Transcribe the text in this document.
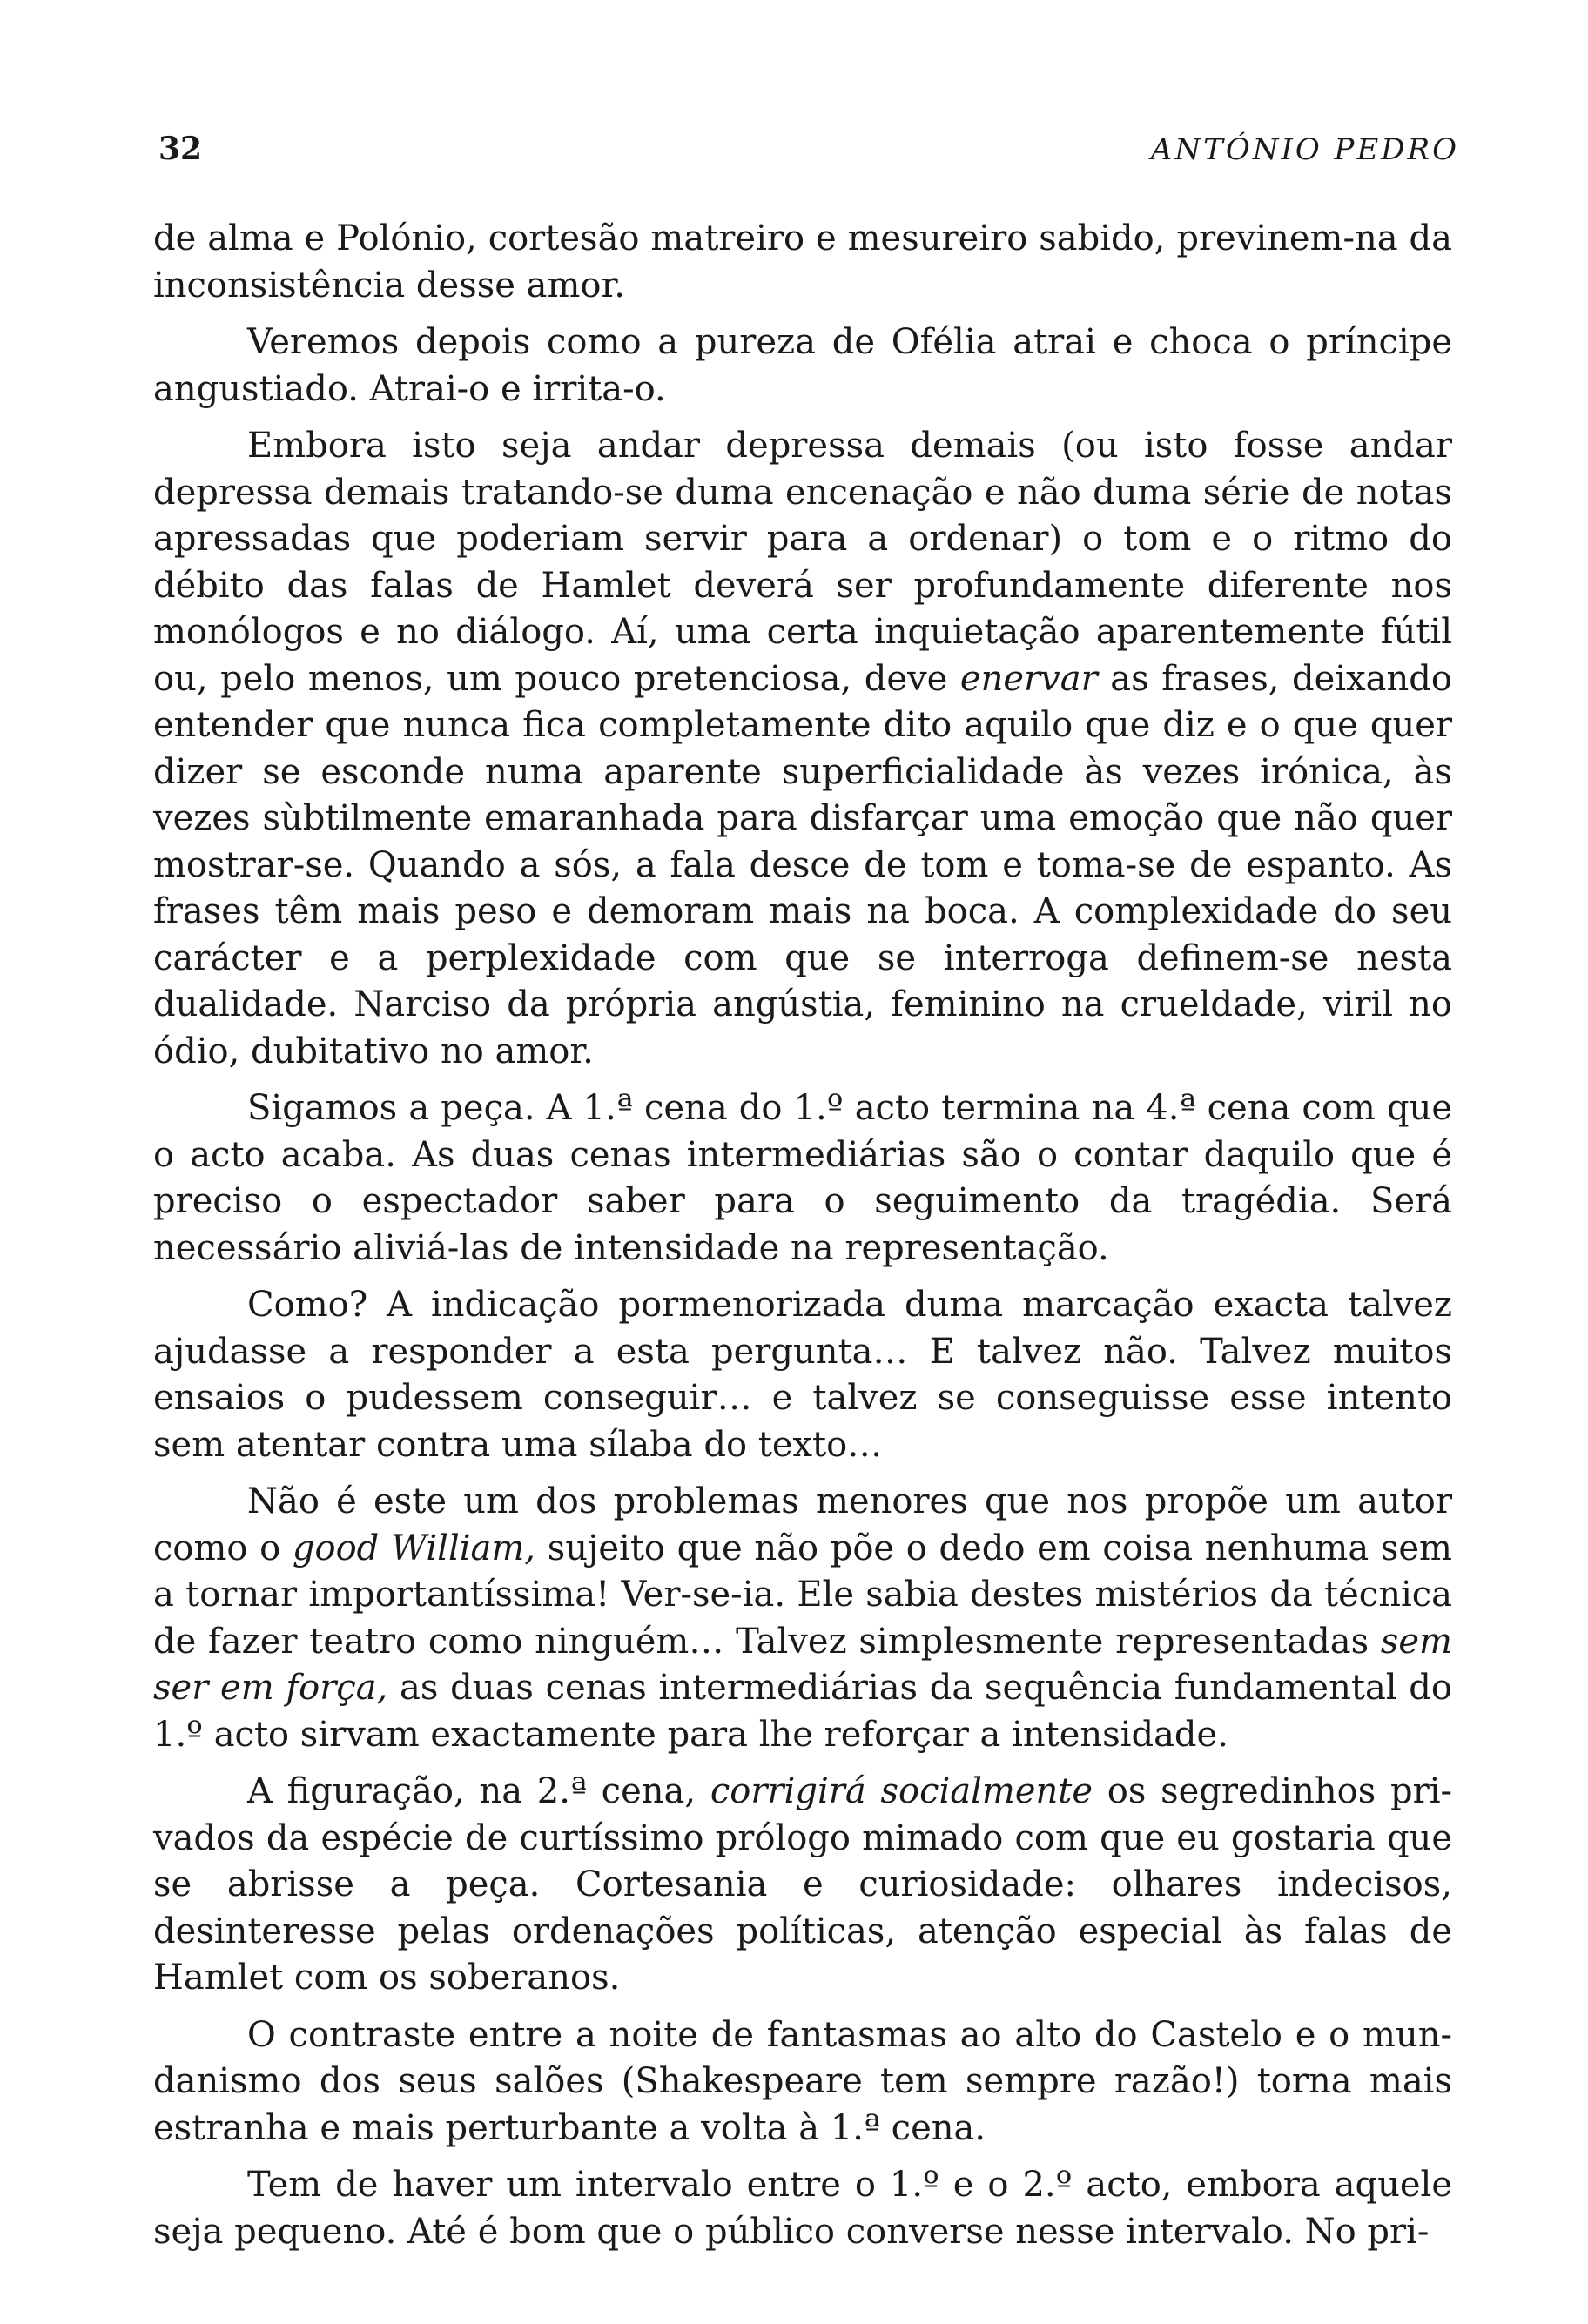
32	ANTÓNIO PEDRO

de alma e Polónio, cortesão matreiro e mesureiro sabido, previnem-na da inconsistência desse amor.

Veremos depois como a pureza de Ofélia atrai e choca o príncipe angustiado. Atrai-o e irrita-o.

Embora isto seja andar depressa demais (ou isto fosse andar depressa demais tratando-se duma encenação e não duma série de notas apressadas que poderiam servir para a ordenar) o tom e o ritmo do débito das falas de Hamlet deverá ser profundamente diferente nos monólogos e no diálogo. Aí, uma certa inquietação aparentemente fútil ou, pelo menos, um pouco pretenciosa, deve enervar as frases, deixando entender que nunca fica completamente dito aquilo que diz e o que quer dizer se esconde numa aparente superficialidade às vezes irónica, às vezes sùbtilmente emaranhada para disfarçar uma emoção que não quer mostrar-se. Quando a sós, a fala desce de tom e toma-se de espanto. As frases têm mais peso e demoram mais na boca. A complexidade do seu carácter e a perplexidade com que se interroga definem-se nesta dualidade. Narciso da própria angústia, feminino na crueldade, viril no ódio, dubitativo no amor.

Sigamos a peça. A 1.ª cena do 1.º acto termina na 4.ª cena com que o acto acaba. As duas cenas intermediárias são o contar daquilo que é preciso o espectador saber para o seguimento da tragédia. Será necessário aliviá-las de intensidade na representação.

Como? A indicação pormenorizada duma marcação exacta talvez ajudasse a responder a esta pergunta… E talvez não. Talvez muitos ensaios o pudessem conseguir… e talvez se conseguisse esse intento sem atentar contra uma sílaba do texto…

Não é este um dos problemas menores que nos propõe um autor como o good William, sujeito que não põe o dedo em coisa nenhuma sem a tornar importantíssima! Ver-se-ia. Ele sabia destes mistérios da técnica de fazer teatro como ninguém… Talvez simplesmente representadas sem ser em força, as duas cenas intermediárias da sequência fundamental do 1.º acto sirvam exactamente para lhe reforçar a intensidade.

A figuração, na 2.ª cena, corrigirá socialmente os segredinhos privados da espécie de curtíssimo prólogo mimado com que eu gostaria que se abrisse a peça. Cortesania e curiosidade: olhares indecisos, desinteresse pelas ordenações políticas, atenção especial às falas de Hamlet com os soberanos.

O contraste entre a noite de fantasmas ao alto do Castelo e o mundanismo dos seus salões (Shakespeare tem sempre razão!) torna mais estranha e mais perturbante a volta à 1.ª cena.

Tem de haver um intervalo entre o 1.º e o 2.º acto, embora aquele seja pequeno. Até é bom que o público converse nesse intervalo. No pri-
